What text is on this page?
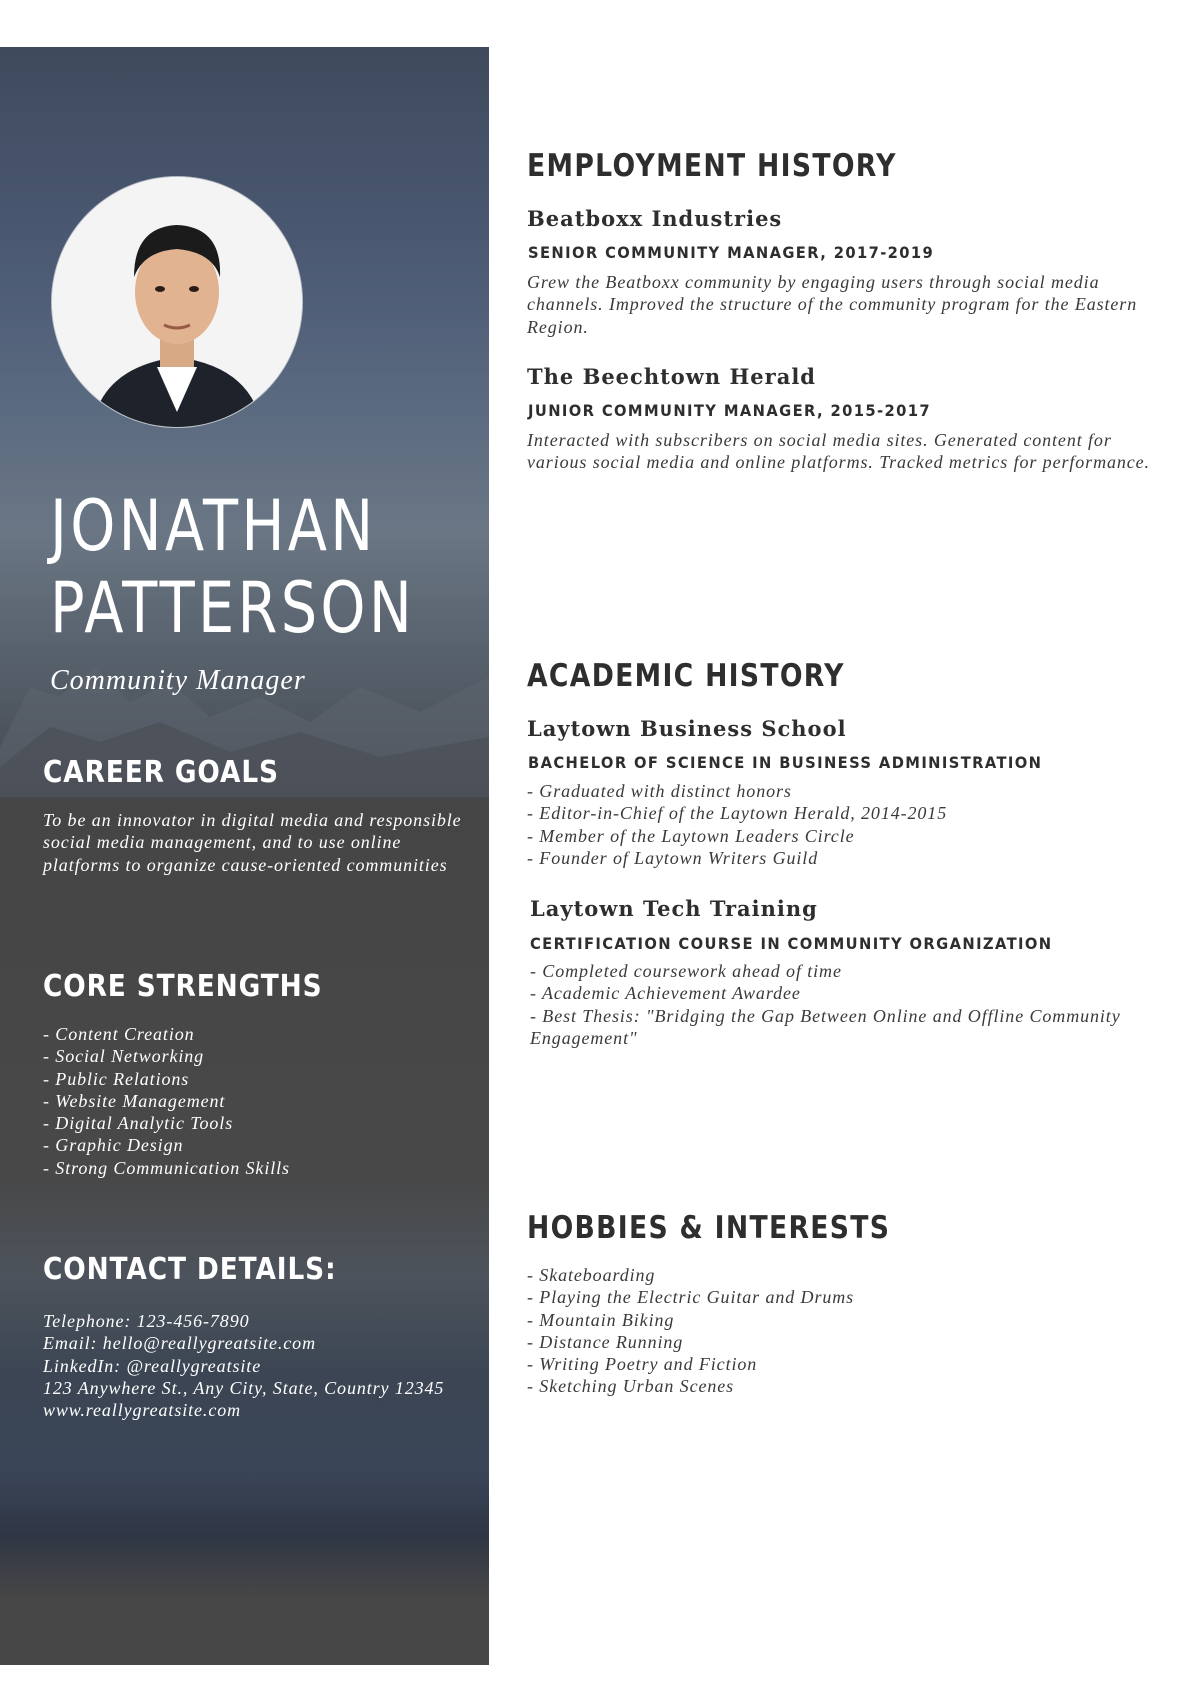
JONATHAN
PATTERSON
Community Manager
CAREER GOALS

To be an innovator in digital media and responsible social media management, and to use online platforms to organize cause-oriented communities

CORE STRENGTHS
- Content Creation
- Social Networking
- Public Relations
- Website Management
- Digital Analytic Tools
- Graphic Design
- Strong Communication Skills
CONTACT DETAILS:
Telephone: 123-456-7890
Email: hello@reallygreatsite.com
LinkedIn: @reallygreatsite
123 Anywhere St., Any City, State, Country 12345
www.reallygreatsite.com
EMPLOYMENT HISTORY
Beatboxx Industries
SENIOR COMMUNITY MANAGER, 2017-2019

Grew the Beatboxx community by engaging users through social media channels. Improved the structure of the community program for the Eastern Region.

The Beechtown Herald
JUNIOR COMMUNITY MANAGER, 2015-2017

Interacted with subscribers on social media sites. Generated content for various social media and online platforms. Tracked metrics for performance.

ACADEMIC HISTORY
Laytown Business School
BACHELOR OF SCIENCE IN BUSINESS ADMINISTRATION
- Graduated with distinct honors
- Editor-in-Chief of the Laytown Herald, 2014-2015
- Member of the Laytown Leaders Circle
- Founder of Laytown Writers Guild
Laytown Tech Training
CERTIFICATION COURSE IN COMMUNITY ORGANIZATION
- Completed coursework ahead of time
- Academic Achievement Awardee
- Best Thesis: "Bridging the Gap Between Online and Offline Community Engagement"
HOBBIES & INTERESTS
- Skateboarding
- Playing the Electric Guitar and Drums
- Mountain Biking
- Distance Running
- Writing Poetry and Fiction
- Sketching Urban Scenes
